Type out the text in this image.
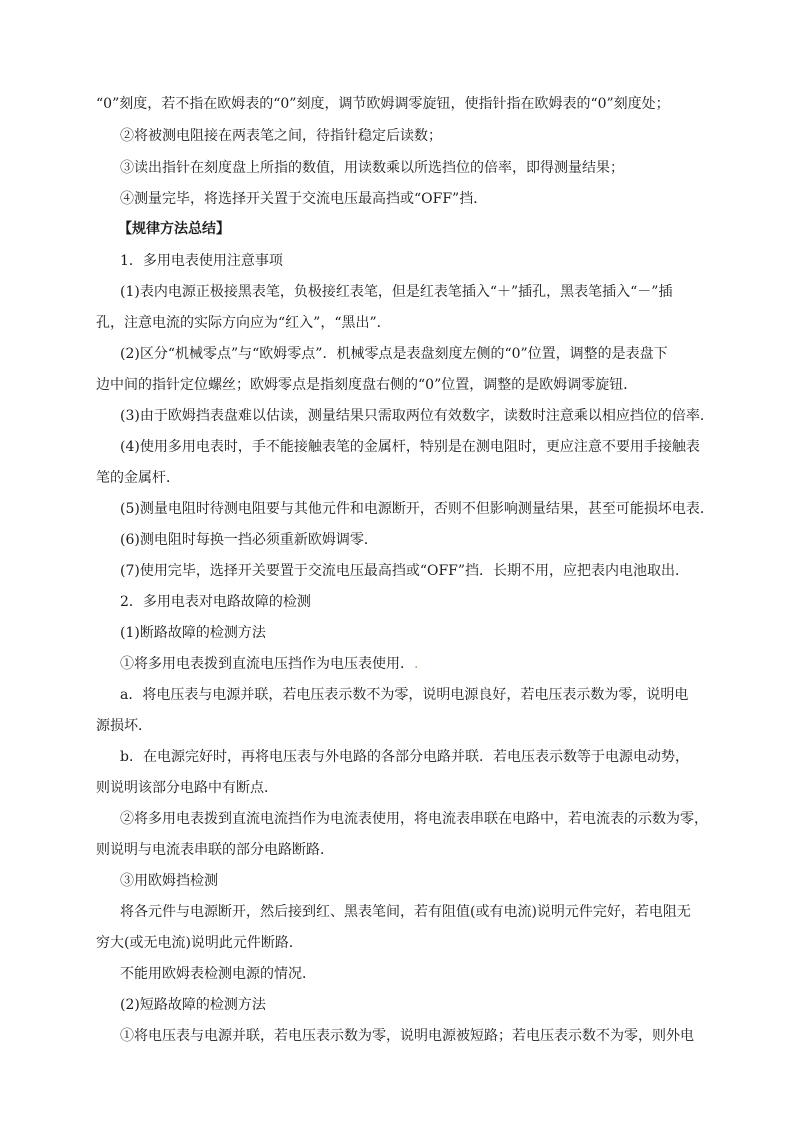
“0”刻度，若不指在欧姆表的“0”刻度，调节欧姆调零旋钮，使指针指在欧姆表的“0”刻度处；
②将被测电阻接在两表笔之间，待指针稳定后读数；
③读出指针在刻度盘上所指的数值，用读数乘以所选挡位的倍率，即得测量结果；
④测量完毕，将选择开关置于交流电压最高挡或“OFF”挡．
【规律方法总结】
1．多用电表使用注意事项
(1)表内电源正极接黑表笔，负极接红表笔，但是红表笔插入“＋”插孔，黑表笔插入“－”插
孔，注意电流的实际方向应为“红入”，“黑出”．
(2)区分“机械零点”与“欧姆零点”．机械零点是表盘刻度左侧的“0”位置，调整的是表盘下
边中间的指针定位螺丝；欧姆零点是指刻度盘右侧的“0”位置，调整的是欧姆调零旋钮．
(3)由于欧姆挡表盘难以估读，测量结果只需取两位有效数字，读数时注意乘以相应挡位的倍率．
(4)使用多用电表时，手不能接触表笔的金属杆，特别是在测电阻时，更应注意不要用手接触表
笔的金属杆．
(5)测量电阻时待测电阻要与其他元件和电源断开，否则不但影响测量结果，甚至可能损坏电表．
(6)测电阻时每换一挡必须重新欧姆调零．
(7)使用完毕，选择开关要置于交流电压最高挡或“OFF”挡．长期不用，应把表内电池取出．
2．多用电表对电路故障的检测
(1)断路故障的检测方法
①将多用电表拨到直流电压挡作为电压表使用．.
a．将电压表与电源并联，若电压表示数不为零，说明电源良好，若电压表示数为零，说明电
源损坏．
b．在电源完好时，再将电压表与外电路的各部分电路并联．若电压表示数等于电源电动势，
则说明该部分电路中有断点．
②将多用电表拨到直流电流挡作为电流表使用，将电流表串联在电路中，若电流表的示数为零，
则说明与电流表串联的部分电路断路．
③用欧姆挡检测
将各元件与电源断开，然后接到红、黑表笔间，若有阻值(或有电流)说明元件完好，若电阻无
穷大(或无电流)说明此元件断路．
不能用欧姆表检测电源的情况．
(2)短路故障的检测方法
①将电压表与电源并联，若电压表示数为零，说明电源被短路；若电压表示数不为零，则外电
